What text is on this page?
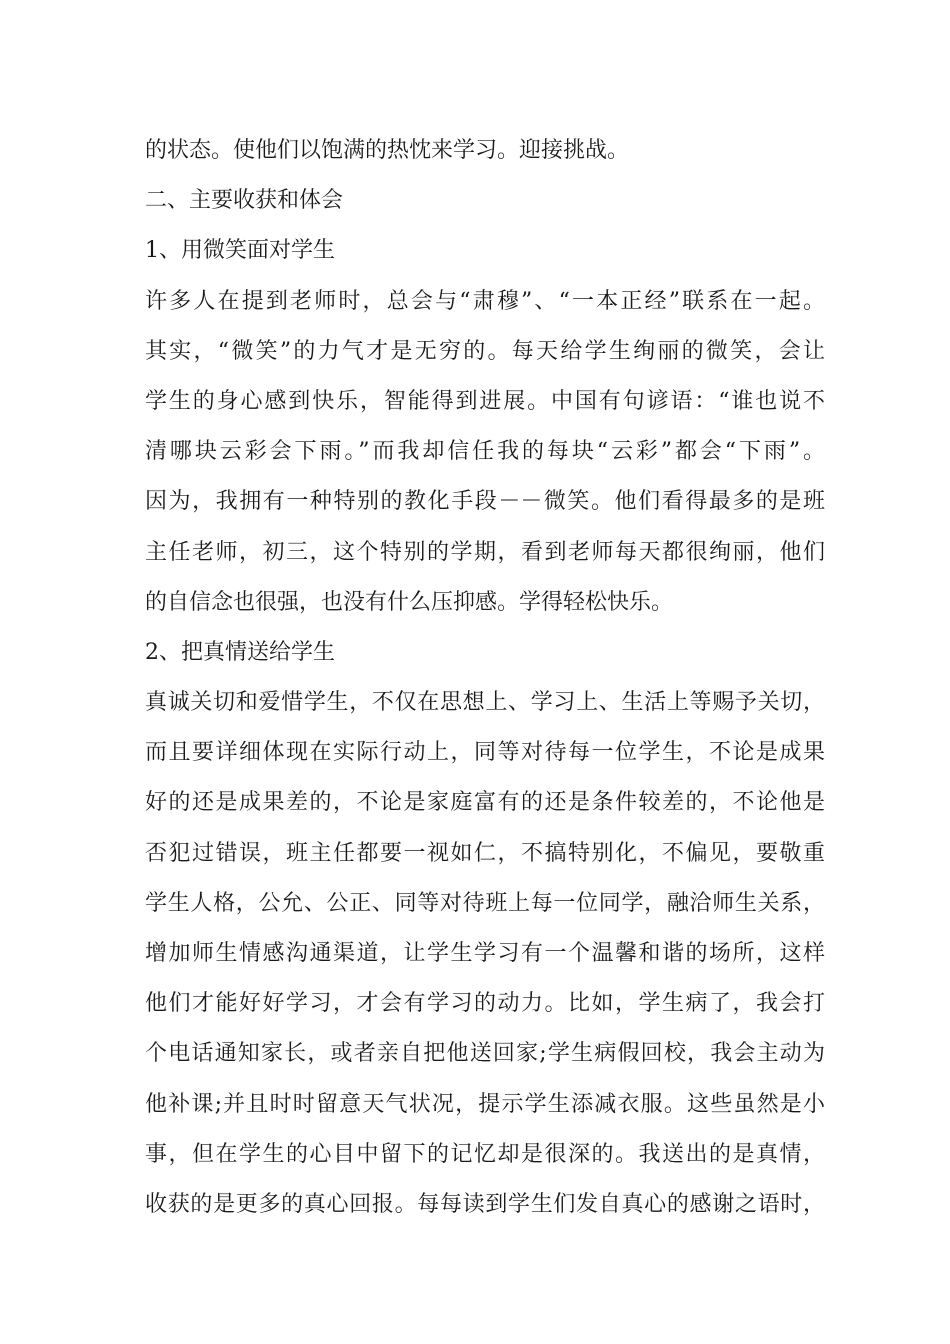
的状态。使他们以饱满的热忱来学习。迎接挑战。
二、主要收获和体会
1、用微笑面对学生
许多人在提到老师时，总会与“肃穆”、“一本正经”联系在一起。
其实，“微笑”的力气才是无穷的。每天给学生绚丽的微笑，会让
学生的身心感到快乐，智能得到进展。中国有句谚语：“谁也说不
清哪块云彩会下雨。”而我却信任我的每块“云彩”都会“下雨”。
因为，我拥有一种特别的教化手段－－微笑。他们看得最多的是班
主任老师，初三，这个特别的学期，看到老师每天都很绚丽，他们
的自信念也很强，也没有什么压抑感。学得轻松快乐。
2、把真情送给学生
真诚关切和爱惜学生，不仅在思想上、学习上、生活上等赐予关切，
而且要详细体现在实际行动上，同等对待每一位学生，不论是成果
好的还是成果差的，不论是家庭富有的还是条件较差的，不论他是
否犯过错误，班主任都要一视如仁，不搞特别化，不偏见，要敬重
学生人格，公允、公正、同等对待班上每一位同学，融洽师生关系，
增加师生情感沟通渠道，让学生学习有一个温馨和谐的场所，这样
他们才能好好学习，才会有学习的动力。比如，学生病了，我会打
个电话通知家长，或者亲自把他送回家;学生病假回校，我会主动为
他补课;并且时时留意天气状况，提示学生添减衣服。这些虽然是小
事，但在学生的心目中留下的记忆却是很深的。我送出的是真情，
收获的是更多的真心回报。每每读到学生们发自真心的感谢之语时，
